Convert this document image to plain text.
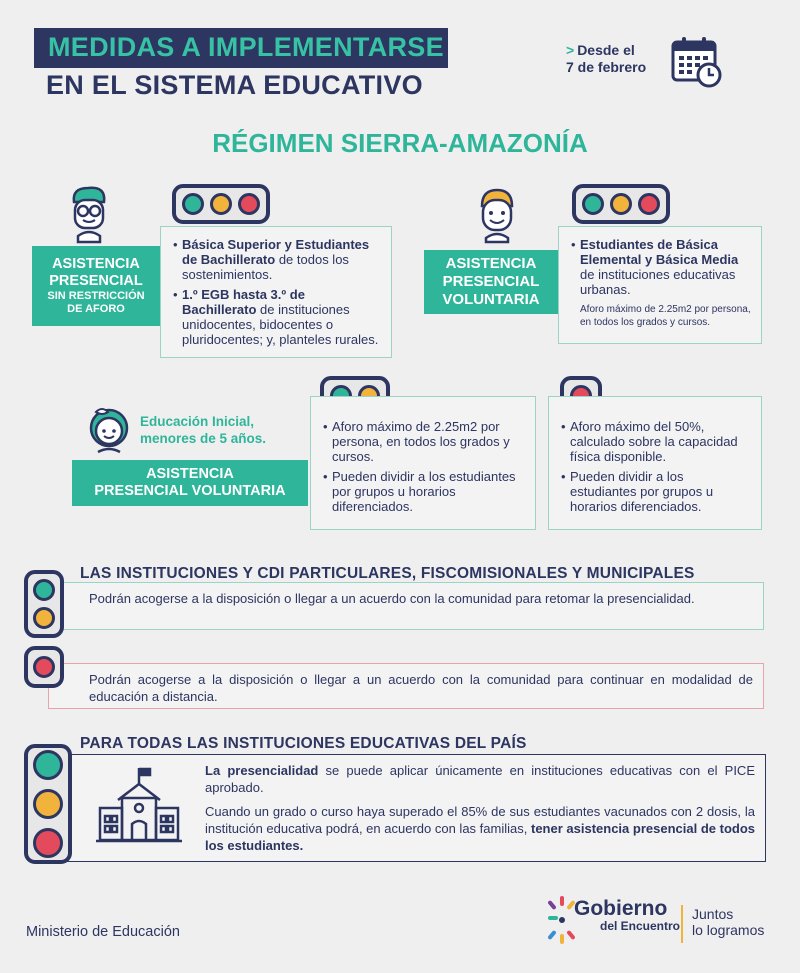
MEDIDAS A IMPLEMENTARSE
EN EL SISTEMA EDUCATIVO
> Desde el
7 de febrero
RÉGIMEN SIERRA-AMAZONÍA
• Básica Superior y Estudiantes de Bachillerato de todos los sostenimientos.
• 1.º EGB hasta 3.º de Bachillerato de instituciones unidocentes, bidocentes o pluridocentes; y, planteles rurales.
ASISTENCIA
PRESENCIAL
SIN RESTRICCIÓN
DE AFORO
• Estudiantes de Básica Elemental y Básica Media de instituciones educativas urbanas.
Aforo máximo de 2.25m2 por persona, en todos los grados y cursos.
ASISTENCIA
PRESENCIAL
VOLUNTARIA
Educación Inicial,
menores de 5 años.
ASISTENCIA
PRESENCIAL VOLUNTARIA
• Aforo máximo de 2.25m2 por persona, en todos los grados y cursos.
• Pueden dividir a los estudiantes por grupos u horarios diferenciados.
• Aforo máximo del 50%, calculado sobre la capacidad física disponible.
• Pueden dividir a los estudiantes por grupos u horarios diferenciados.
LAS INSTITUCIONES Y CDI PARTICULARES, FISCOMISIONALES Y MUNICIPALES
Podrán acogerse a la disposición o llegar a un acuerdo con la comunidad para retomar la presencialidad.
Podrán acogerse a la disposición o llegar a un acuerdo con la comunidad para continuar en modalidad de educación a distancia.
PARA TODAS LAS INSTITUCIONES EDUCATIVAS DEL PAÍS

La presencialidad se puede aplicar únicamente en instituciones educativas con el PICE aprobado.

Cuando un grado o curso haya superado el 85% de sus estudiantes vacunados con 2 dosis, la institución educativa podrá, en acuerdo con las familias, tener asistencia presencial de todos los estudiantes.

Ministerio de Educación
Gobierno
del Encuentro
Juntos
lo logramos
